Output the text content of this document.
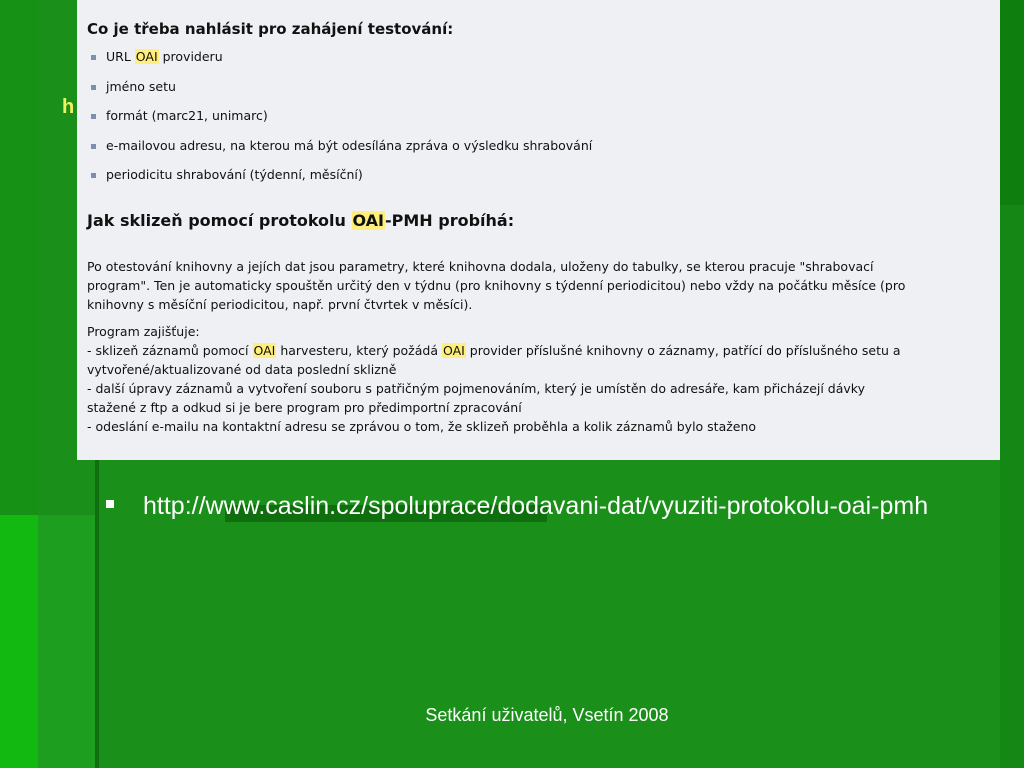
h
Co je třeba nahlásit pro zahájení testování:
URL OAI provideru
jméno setu
formát (marc21, unimarc)
e-mailovou adresu, na kterou má být odesílána zpráva o výsledku shrabování
periodicitu shrabování (týdenní, měsíční)
Jak sklizeň pomocí protokolu OAI-PMH probíhá:
Po otestování knihovny a jejích dat jsou parametry, které knihovna dodala, uloženy do tabulky, se kterou pracuje "shrabovací
program". Ten je automaticky spouštěn určitý den v týdnu (pro knihovny s týdenní periodicitou) nebo vždy na počátku měsíce (pro
knihovny s měsíční periodicitou, např. první čtvrtek v měsíci).
Program zajišťuje:
- sklizeň záznamů pomocí OAI harvesteru, který požádá OAI provider příslušné knihovny o záznamy, patřící do příslušného setu a
vytvořené/aktualizované od data poslední sklizně
- další úpravy záznamů a vytvoření souboru s patřičným pojmenováním, který je umístěn do adresáře, kam přicházejí dávky
stažené z ftp a odkud si je bere program pro předimportní zpracování
- odeslání e-mailu na kontaktní adresu se zprávou o tom, že sklizeň proběhla a kolik záznamů bylo staženo
http://www.caslin.cz/spoluprace/dodavani-dat/vyuziti-protokolu-oai-pmh
Setkání uživatelů, Vsetín 2008
